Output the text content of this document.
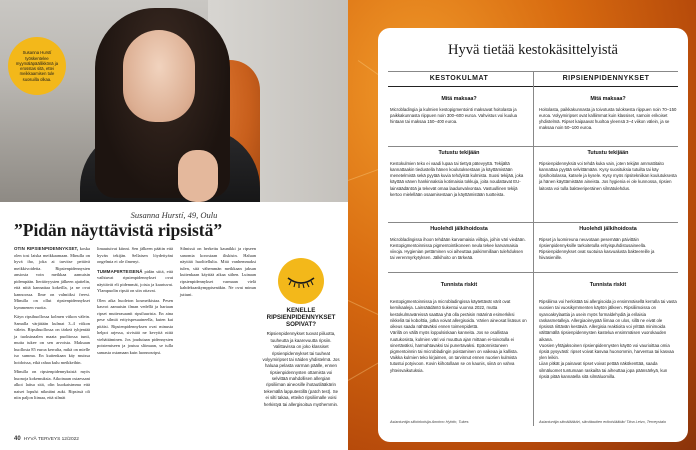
Susanna Hurstí työskentelee myymäläpäällikkönä ja erosstas sitä, ettei meikkaamisen tule suosuilla olkaa.
Susanna Hurstí, 49, Oulu
”Pidän näyttävistä ripsistä”

OTIN RIPSIENPIDENNYKSET, koska olen tosi laiska meikkaamaan. Minulla on hyvä iho, joka ai tarvitse peitävä meikkivoidetta. Ripsienpidennysten ansiosta voin meikkaa aamuisin pidempään. Iteräävyysten jälkeen ajattelin, että niitä kannattaa kokeilla, ja ne ovat kannoossa. Ilme on valmiiksi freesi. Minulla on ollut ripsienpidennykset kymmenen vuotta.

Käyn ripsihuollossa kolmen viikon välein. Samalla värjätään kulmat 3–4 viikon välein. Ripsihuollossa on tärkeä tyhjentää ja tuoksinaalen maata puolitossa tunti, mutta tukee on sen arvoista. Maksaan huollosta 85 euroa kerralta, mikä on mielle iso summa. En kuitenkaan käy muissa hoidoissa, eikä rahaa kulu meikkeihin.

Minulla on ripsienpidennyksistä myös huonoja kokemuksia. Aikoinaan ostaessani alkoi laitsa sitä, olin kuokaisimma että naiset lopulsi nikniäni auki. Ripsissä oli niin paljon liimaa, että silmät

limautuivat kiinni. Sen jälkeen päätin että hyvän tekijän. Sellaisen löydettyäni ongelmia ei ole ilmenyt.

TUMMAPIIRTEISENÄ pidän siitä, että vaihtuvat ripsienpidennykset ovat näyttävät eli pidemmät, joista ja kaartuvat. Ylampuolin ripsiä on siin ottavat.

Olen aika huoleton kosmeikistaa. Pesen kasvot aamuisin ilman vedellä ja hartaan ripset mutterasaanit ripsiluurista. En aina pese silmiä erityispesuaineella, kuten kai pitäisi. Ripsienpidennyksen ovat minusta helpot arjessa, sivistää ne kevyitä niitä viehättäminen. Jos joudutaan pidennysten poistemiseen ja joutuu sliimaan, se tulla samasta ostamaan kuin luonnosripsi.

Silmissä on herkeitu kaunikki ja ripseen sanomia korostaan iliskisin. Haluan näyttää huolitellulta. Mitä vanhemmaksi tulen, sitä vähemmän meikkaan jaksan kuitenkaan käyttää aikaa siihen. Luinaan ripsienpidennykset varmaan vielä kahdeksankymppisenäkin. Ne ovat minun juttuni.

KENELLE RIPSIENPIDENNYKSET SOPIVAT?
Ripsienpidennykset tuovat piiluotta, tuuheutta ja kaarevuutta ripsiin. Valittavissa on joko klassiset ripsienpidennykset tai tuuheat volyymiripset tai näiden yhdistelmä. Jos haluaa pelasta varman päälle, ennen ripsienpidennysten ottamista voi selvittää mahdollisen allergian ripsiliiman aineosille ihotautilääkärin tekemällä lapputestillä (patch test). Se ei silti takaa, etteikö ripsiliimalle voisi herkistyä tai allergisoitua myöhemmin.
40 HYVÄ TERVEYS 12/2022
Hyvä tietää kestokäsittelyistä
KESTOKULMAT	RIPSIENPIDENNYKSET
Mitä maksaa?
Microbladingia ja kulmien kestopigmentointi maksavat hoitolasta ja paikkakunnasta riippuen noin 300–600 euroa. Vahvistus voi kuulua hintaan tai maksaa 150–400 euroa.
Mitä maksaa?
Hoitolasta, paikkakunnasta ja toivotusta tuloksesta riippuen noin 70–150 euroa. Volyymiripset ovat kalliimmat kuin klassiset, samoin erikoiset yhdistelmä. Ripset kaipaavat huoltoa yleensä 3–4 viikon välein, ja se maksaa noin 50–100 euroa.
Tutustu tekijään
Kestokulmien teko ei vaadi lupaa tai tiettyä pätevyyttä. Tekijältä kannattaakin tiedustella hänen koulutuksestaan ja käyttämistään menetelmistä sekä pyytää kuvia tehdyistä kulmista. Suosi tekijää, joka käyttää vänen hankinnaksia kotimaisia tokkuja, joita noudattavat EU-lainsäädäntöä ja tekevät omaa laadunvalvontaa. Vastuullinen tekijä kertoo mielellään osaamisestaan ja käyttämistään tuotteista.
Tutustu tekijään
Ripsienpidennyksiä voi tehdä kuka vain, joten tekijän ammattitaito kannattaa pyytää selvittämään. Kysy suosituksia tutuilta tai käy ripsihoitolassa, katsele ja kysele. Kysy myös ripsitekniikan koulutuksesta ja hänen käyttämistään aineista. Jos hygienia ei ole kunnossa, ripsien laitosta voi tulla bakteeriperäinen silmätulehdus.
Huolehdi jälkihoidosta
Microbladingissa ihoon tehdään karvamaisia viiltoja, joihin väri viedään. Kestopigmentoinnissa pigmentointikoneen neula tekee karvamaisia viivoja. Hygienian pettäminen voi aiheuttaa paikimmillaan tulehduksen tai verenmyrkytyksen. Jälkihoito on tärkeää.
Huolehdi jälkihoidosta
Ripset ja luomireuna neuvotaan pesemään päivittäin ripsienpidennyksille tarkoitetulla erityispuhdistusaineella. Ripsienpidennykset ovat suotuisa kasvualusta bakteereille ja hiivasienille.

Tunnista riskit

Kestopigmentoinnissa ja microbladingissa käytettävät värit ovat kemikaaleja. Lainsäädäntö tiukentui vuonna 2022, mutta kestokulmaväreissä saattaa yhä olla peräisin määrinä esimerkiksi nikkeliä tai kobolttia, jotka voivat allergisoida. Värien aineosat lisäsus on oikeus saada nähtäväksi ennen toimenpidettä.
Värillä on vällä myös loppulsiskaan kanneita. Jos se osallistaa ruutukosista, kulmien väri voi muuttua ajan mittaan ei-toivotulla ei sinertäväksi, harmahtavaksi tai punertavaksi. Epäonnistuneen pigmentoinnin tai microbladingin poistaminen on vaikeaa ja kallista.
Vaikka kulmien teko kirjaimen, on tarvinnut ennen nuorien kulmista tutustui potyivoon. Kovin kiihotollaan se on kaunis, siinä on vahva yhteisvaikutuksia.

Tunnista riskit

Ripsiliima voi herkistää tai allergisoida jo ensimmäisellä kerralla tai vasta vuosien tai vuosikymmenten käytön jälkeen. Ripsiliimoissa on syanoakrylaattia ja usein myös formaldehydiä ja erilaisia raskasmetalleja. Allergiaoireypää liimaa on ulos, sillä ne eivät ole ripsissä riittävän kestäviä. Allergisia reaktioita voi yrittää minimoida välttämällä ripsienpidennysten kastelua ensimmäisen vuorokauden aikana.
Vuosien yhtäjaksoinen ripsienpidennysten käyttö voi vaurioittaa omia ripsiä pysyvästi: ripset voivat kasvaa huonommin, harventua tai kasvaa ylen leikin.
Liian pitkät ja painavat ripset voivat pettää näkökenttää, saada silmäluomet tuntumaan raskailta tai aiheuttaa jopa päänsärkyä, kun ripsiä pitää kannatella sitä silmäluomilla.

Asiantuntija silloinkoisija Annimo Hyhtin, Tukes	Asiantuntija silmälääkäri, silmätautien erikoislääkäri Tiina Leivo, Terveystalo
